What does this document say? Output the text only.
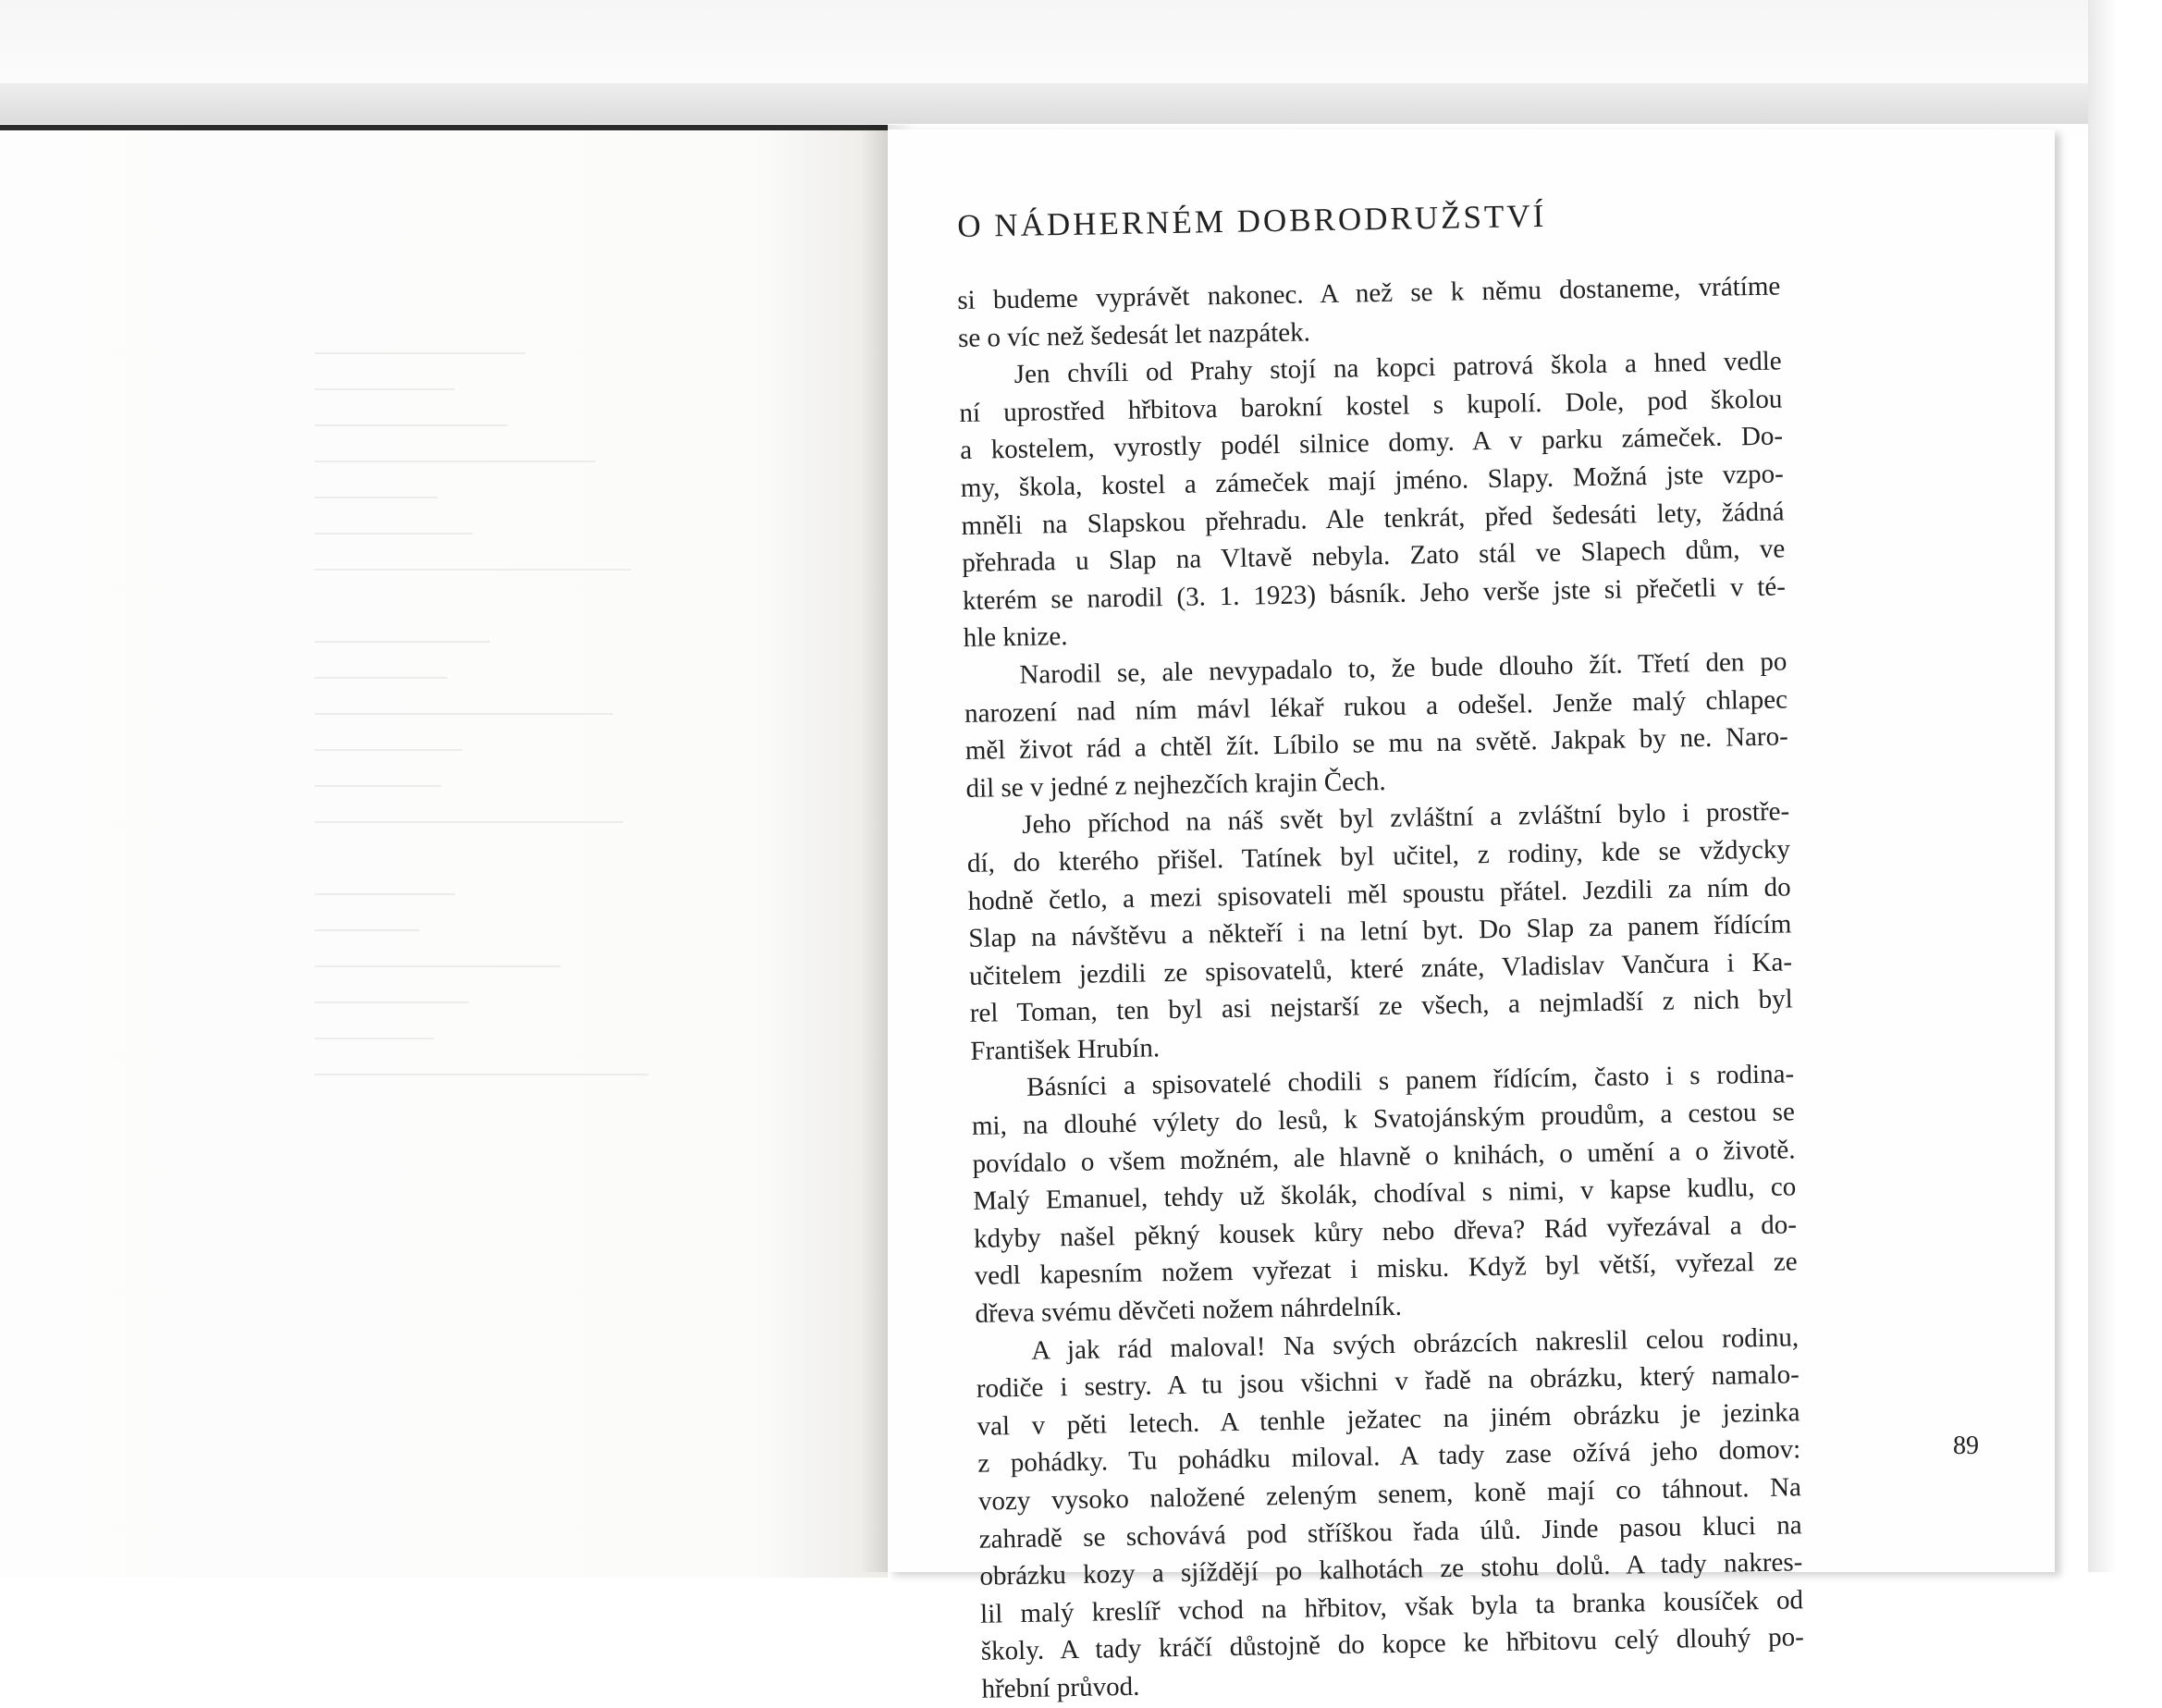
O NÁDHERNÉM DOBRODRUŽSTVÍ
si budeme vyprávět nakonec. A než se k němu dostaneme, vrátíme
se o víc než šedesát let nazpátek.
Jen chvíli od Prahy stojí na kopci patrová škola a hned vedle
ní uprostřed hřbitova barokní kostel s kupolí. Dole, pod školou
a kostelem, vyrostly podél silnice domy. A v parku zámeček. Do-
my, škola, kostel a zámeček mají jméno. Slapy. Možná jste vzpo-
mněli na Slapskou přehradu. Ale tenkrát, před šedesáti lety, žádná
přehrada u Slap na Vltavě nebyla. Zato stál ve Slapech dům, ve
kterém se narodil (3. 1. 1923) básník. Jeho verše jste si přečetli v té-
hle knize.
Narodil se, ale nevypadalo to, že bude dlouho žít. Třetí den po
narození nad ním mávl lékař rukou a odešel. Jenže malý chlapec
měl život rád a chtěl žít. Líbilo se mu na světě. Jakpak by ne. Naro-
dil se v jedné z nejhezčích krajin Čech.
Jeho příchod na náš svět byl zvláštní a zvláštní bylo i prostře-
dí, do kterého přišel. Tatínek byl učitel, z rodiny, kde se vždycky
hodně četlo, a mezi spisovateli měl spoustu přátel. Jezdili za ním do
Slap na návštěvu a někteří i na letní byt. Do Slap za panem řídícím
učitelem jezdili ze spisovatelů, které znáte, Vladislav Vančura i Ka-
rel Toman, ten byl asi nejstarší ze všech, a nejmladší z nich byl
František Hrubín.
Básníci a spisovatelé chodili s panem řídícím, často i s rodina-
mi, na dlouhé výlety do lesů, k Svatojánským proudům, a cestou se
povídalo o všem možném, ale hlavně o knihách, o umění a o životě.
Malý Emanuel, tehdy už školák, chodíval s nimi, v kapse kudlu, co
kdyby našel pěkný kousek kůry nebo dřeva? Rád vyřezával a do-
vedl kapesním nožem vyřezat i misku. Když byl větší, vyřezal ze
dřeva svému děvčeti nožem náhrdelník.
A jak rád maloval! Na svých obrázcích nakreslil celou rodinu,
rodiče i sestry. A tu jsou všichni v řadě na obrázku, který namalo-
val v pěti letech. A tenhle ježatec na jiném obrázku je jezinka
z pohádky. Tu pohádku miloval. A tady zase ožívá jeho domov:
vozy vysoko naložené zeleným senem, koně mají co táhnout. Na
zahradě se schovává pod stříškou řada úlů. Jinde pasou kluci na
obrázku kozy a sjíždějí po kalhotách ze stohu dolů. A tady nakres-
lil malý kreslíř vchod na hřbitov, však byla ta branka kousíček od
školy. A tady kráčí důstojně do kopce ke hřbitovu celý dlouhý po-
hřební průvod.

89
